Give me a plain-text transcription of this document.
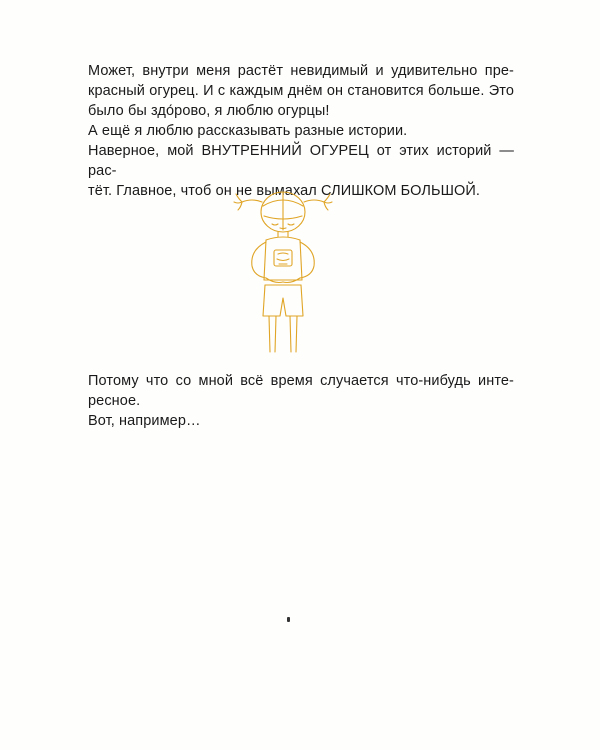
Может, внутри меня растёт невидимый и удивительно пре-

красный огурец. И с каждым днём он становится больше. Это

было бы здо́рово, я люблю огурцы!

А ещё я люблю рассказывать разные истории.

Наверное, мой ВНУТРЕННИЙ ОГУРЕЦ от этих историй — рас-

тёт. Главное, чтоб он не вымахал СЛИШКОМ БОЛЬШОЙ.

Потому что со мной всё время случается что-нибудь инте-

ресное.

Вот, например…
